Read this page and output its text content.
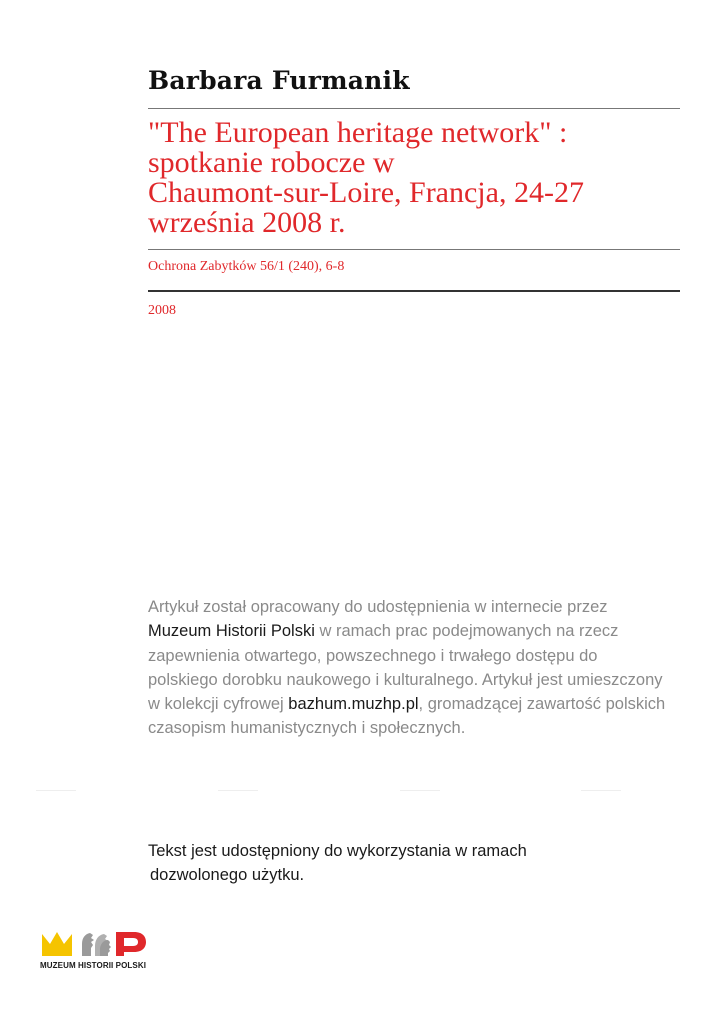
Barbara Furmanik
"The European heritage network" :
spotkanie robocze w
Chaumont-sur-Loire, Francja, 24-27
września 2008 r.
Ochrona Zabytków 56/1 (240), 6-8
2008
Artykuł został opracowany do udostępnienia w internecie przez
Muzeum Historii Polski w ramach prac podejmowanych na rzecz
zapewnienia otwartego, powszechnego i trwałego dostępu do
polskiego dorobku naukowego i kulturalnego. Artykuł jest umieszczony
w kolekcji cyfrowej bazhum.muzhp.pl, gromadzącej zawartość polskich
czasopism humanistycznych i społecznych.
Tekst jest udostępniony do wykorzystania w ramach
dozwolonego użytku.
MUZEUM HISTORII POLSKI
